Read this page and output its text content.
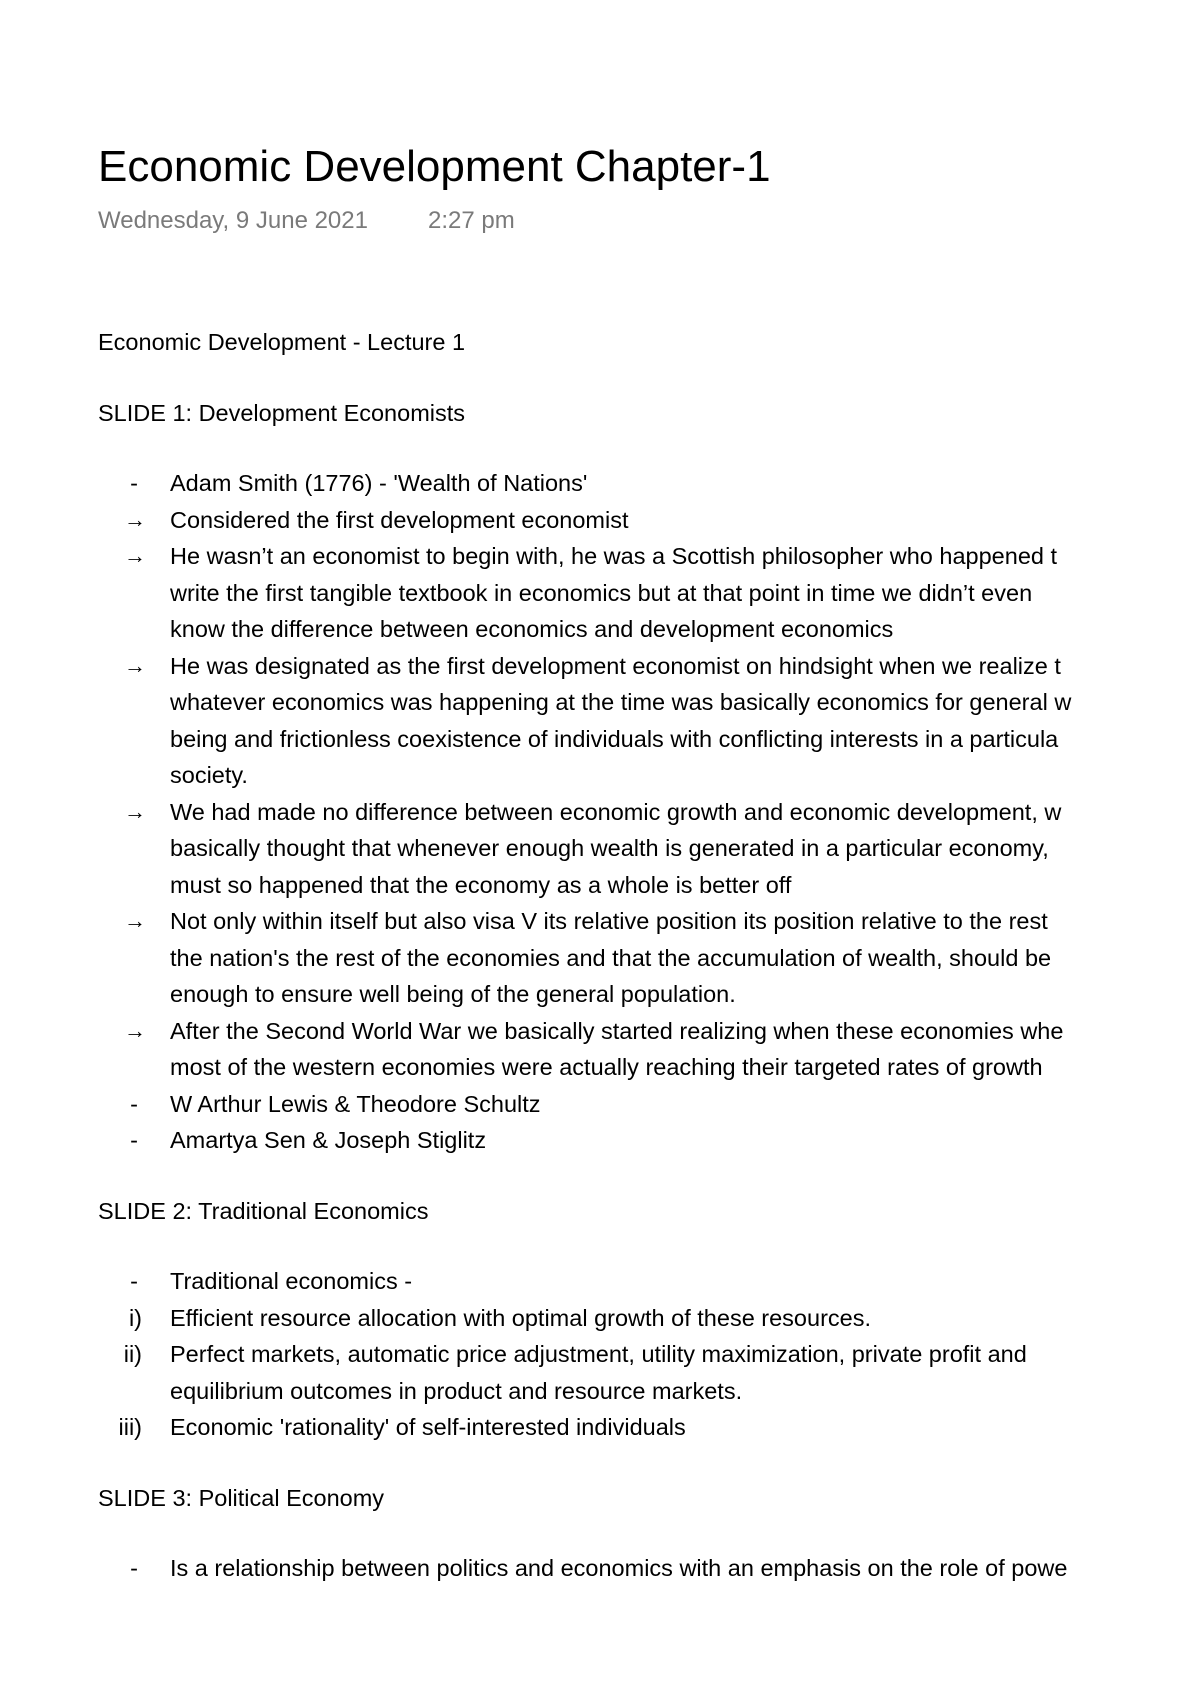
Economic Development Chapter-1
Wednesday, 9 June 2021	2:27 pm

Economic Development - Lecture 1

SLIDE 1: Development Economists

- Adam Smith (1776) - 'Wealth of Nations'
→ Considered the first development economist
→ He wasn’t an economist to begin with, he was a Scottish philosopher who happened t
write the first tangible textbook in economics but at that point in time we didn’t even
know the difference between economics and development economics
→ He was designated as the first development economist on hindsight when we realize t
whatever economics was happening at the time was basically economics for general w
being and frictionless coexistence of individuals with conflicting interests in a particula
society.
→ We had made no difference between economic growth and economic development, w
basically thought that whenever enough wealth is generated in a particular economy,
must so happened that the economy as a whole is better off
→ Not only within itself but also visa V its relative position its position relative to the rest
the nation's the rest of the economies and that the accumulation of wealth, should be
enough to ensure well being of the general population.
→ After the Second World War we basically started realizing when these economies whe
most of the western economies were actually reaching their targeted rates of growth
- W Arthur Lewis & Theodore Schultz
- Amartya Sen & Joseph Stiglitz

SLIDE 2: Traditional Economics

- Traditional economics -
i) Efficient resource allocation with optimal growth of these resources.
ii) Perfect markets, automatic price adjustment, utility maximization, private profit and
equilibrium outcomes in product and resource markets.
iii) Economic 'rationality' of self-interested individuals

SLIDE 3: Political Economy

- Is a relationship between politics and economics with an emphasis on the role of powe
